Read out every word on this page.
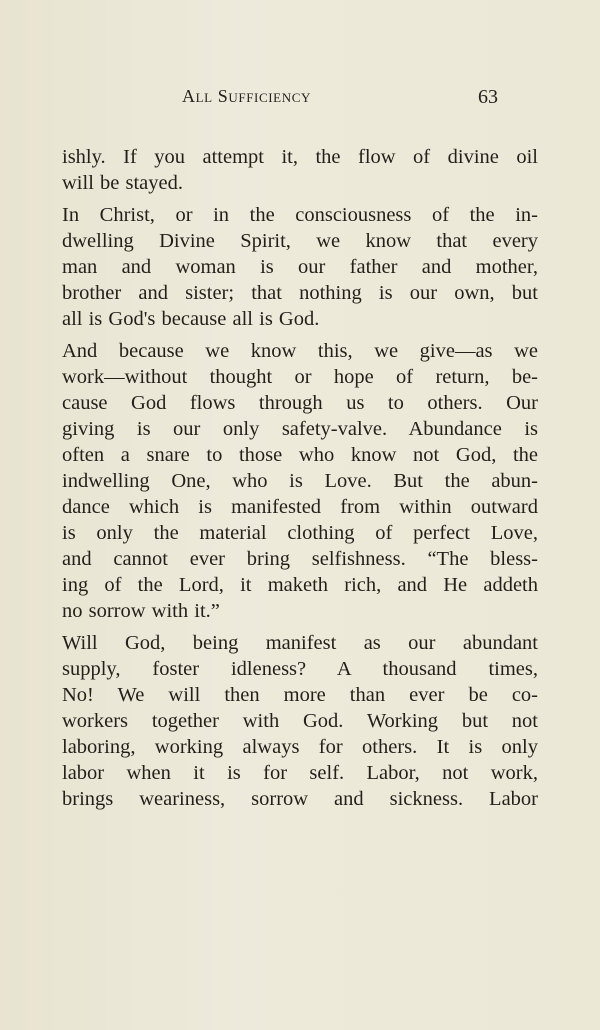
All Sufficiency	63
ishly. If you attempt it, the flow of divine oil
will be stayed.
In Christ, or in the consciousness of the in-
dwelling Divine Spirit, we know that every
man and woman is our father and mother,
brother and sister; that nothing is our own, but
all is God's because all is God.
And because we know this, we give—as we
work—without thought or hope of return, be-
cause God flows through us to others. Our
giving is our only safety-valve. Abundance is
often a snare to those who know not God, the
indwelling One, who is Love. But the abun-
dance which is manifested from within outward
is only the material clothing of perfect Love,
and cannot ever bring selfishness. “The bless-
ing of the Lord, it maketh rich, and He addeth
no sorrow with it.”
Will God, being manifest as our abundant
supply, foster idleness? A thousand times,
No! We will then more than ever be co-
workers together with God. Working but not
laboring, working always for others. It is only
labor when it is for self. Labor, not work,
brings weariness, sorrow and sickness. Labor
